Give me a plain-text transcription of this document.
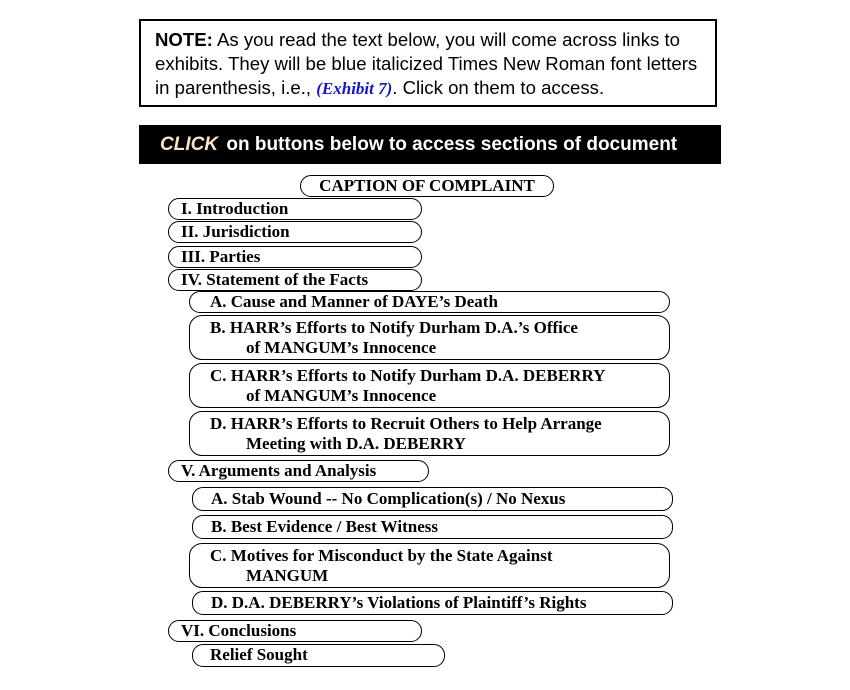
NOTE: As you read the text below, you will come across links to exhibits. They will be blue italicized Times New Roman font letters in parenthesis, i.e., (Exhibit 7). Click on them to access.
CLICK on buttons below to access sections of document
CAPTION OF COMPLAINT
I. Introduction
II. Jurisdiction
III. Parties
IV. Statement of the Facts
A. Cause and Manner of DAYE’s Death
B. HARR’s Efforts to Notify Durham D.A.’s Office
of MANGUM’s Innocence
C. HARR’s Efforts to Notify Durham D.A. DEBERRY
of MANGUM’s Innocence
D. HARR’s Efforts to Recruit Others to Help Arrange
Meeting with D.A. DEBERRY
V. Arguments and Analysis
A. Stab Wound -- No Complication(s) / No Nexus
B. Best Evidence / Best Witness
C. Motives for Misconduct by the State Against
MANGUM
D. D.A. DEBERRY’s Violations of Plaintiff’s Rights
VI. Conclusions
Relief Sought
